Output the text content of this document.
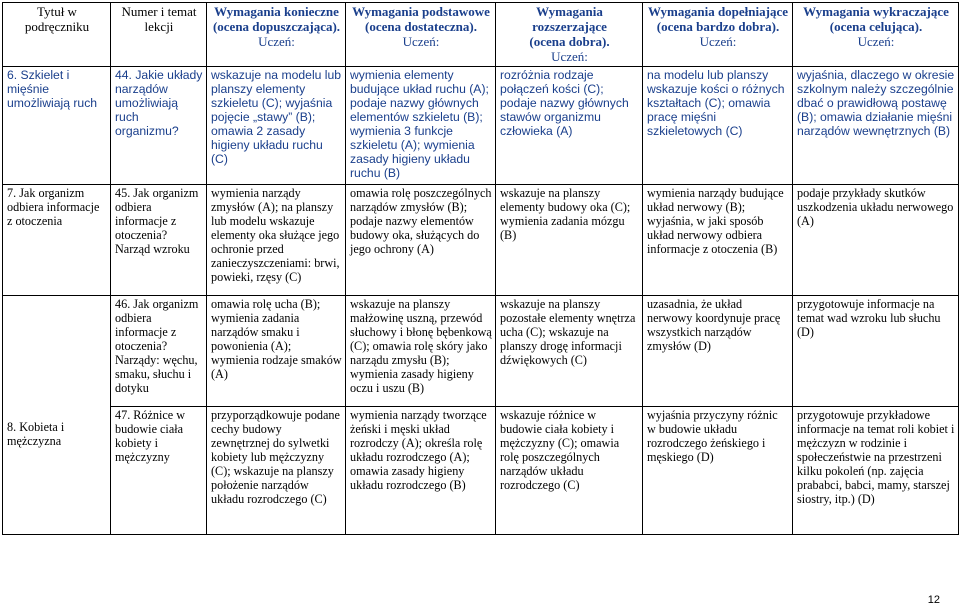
Tytuł w podręczniku	Numer i temat lekcji	Wymagania konieczne
(ocena dopuszczająca).
Uczeń:	Wymagania podstawowe
(ocena dostateczna).
Uczeń:	Wymagania rozszerzające
(ocena dobra).
Uczeń:	Wymagania dopełniające
(ocena bardzo dobra).
Uczeń:	Wymagania wykraczające
(ocena celująca).
Uczeń:

6. Szkielet i mięśnie umożliwiają ruch	44. Jakie układy narządów umożliwiają ruch organizmu?	wskazuje na modelu lub planszy elementy szkieletu (C); wyjaśnia pojęcie „stawy” (B); omawia 2 zasady higieny układu ruchu (C)	wymienia elementy budujące układ ruchu (A); podaje nazwy głównych elementów szkieletu (B); wymienia 3 funkcje szkieletu (A); wymienia zasady higieny układu ruchu (B)	rozróżnia rodzaje połączeń kości (C); podaje nazwy głównych stawów organizmu człowieka (A)	na modelu lub planszy wskazuje kości o różnych kształtach (C); omawia pracę mięśni szkieletowych (C)	wyjaśnia, dlaczego w okresie szkolnym należy szczególnie dbać o prawidłową postawę (B); omawia działanie mięśni narządów wewnętrznych (B)
7. Jak organizm odbiera informacje z otoczenia	45. Jak organizm odbiera informacje z otoczenia? Narząd wzroku	wymienia narządy zmysłów (A); na planszy lub modelu wskazuje elementy oka służące jego ochronie przed zanieczyszczeniami: brwi, powieki, rzęsy (C)	omawia rolę poszczególnych narządów zmysłów (B); podaje nazwy elementów budowy oka, służących do jego ochrony (A)	wskazuje na planszy elementy budowy oka (C); wymienia zadania mózgu (B)	wymienia narządy budujące układ nerwowy (B); wyjaśnia, w jaki sposób układ nerwowy odbiera informacje z otoczenia (B)	podaje przykłady skutków uszkodzenia układu nerwowego (A)
8. Kobieta i mężczyzna	46. Jak organizm odbiera informacje z otoczenia? Narządy: węchu, smaku, słuchu i dotyku	omawia rolę ucha (B); wymienia zadania narządów smaku i powonienia (A); wymienia rodzaje smaków (A)	wskazuje na planszy małżowinę uszną, przewód słuchowy i błonę bębenkową (C); omawia rolę skóry jako narządu zmysłu (B); wymienia zasady higieny oczu i uszu (B)	wskazuje na planszy pozostałe elementy wnętrza ucha (C); wskazuje na planszy drogę informacji dźwiękowych (C)	uzasadnia, że układ nerwowy koordynuje pracę wszystkich narządów zmysłów (D)	przygotowuje informacje na temat wad wzroku lub słuchu (D)
	47. Różnice w budowie ciała kobiety i mężczyzny	przyporządkowuje podane cechy budowy zewnętrznej do sylwetki kobiety lub mężczyzny (C); wskazuje na planszy położenie narządów układu rozrodczego (C)	wymienia narządy tworzące żeński i męski układ rozrodczy (A); określa rolę układu rozrodczego (A); omawia zasady higieny układu rozrodczego (B)	wskazuje różnice w budowie ciała kobiety i mężczyzny (C); omawia rolę poszczególnych narządów układu rozrodczego (C)	wyjaśnia przyczyny różnic w budowie układu rozrodczego żeńskiego i męskiego (D)	przygotowuje przykładowe informacje na temat roli kobiet i mężczyzn w rodzinie i społeczeństwie na przestrzeni kilku pokoleń (np. zajęcia prababci, babci, mamy, starszej siostry, itp.) (D)
12
